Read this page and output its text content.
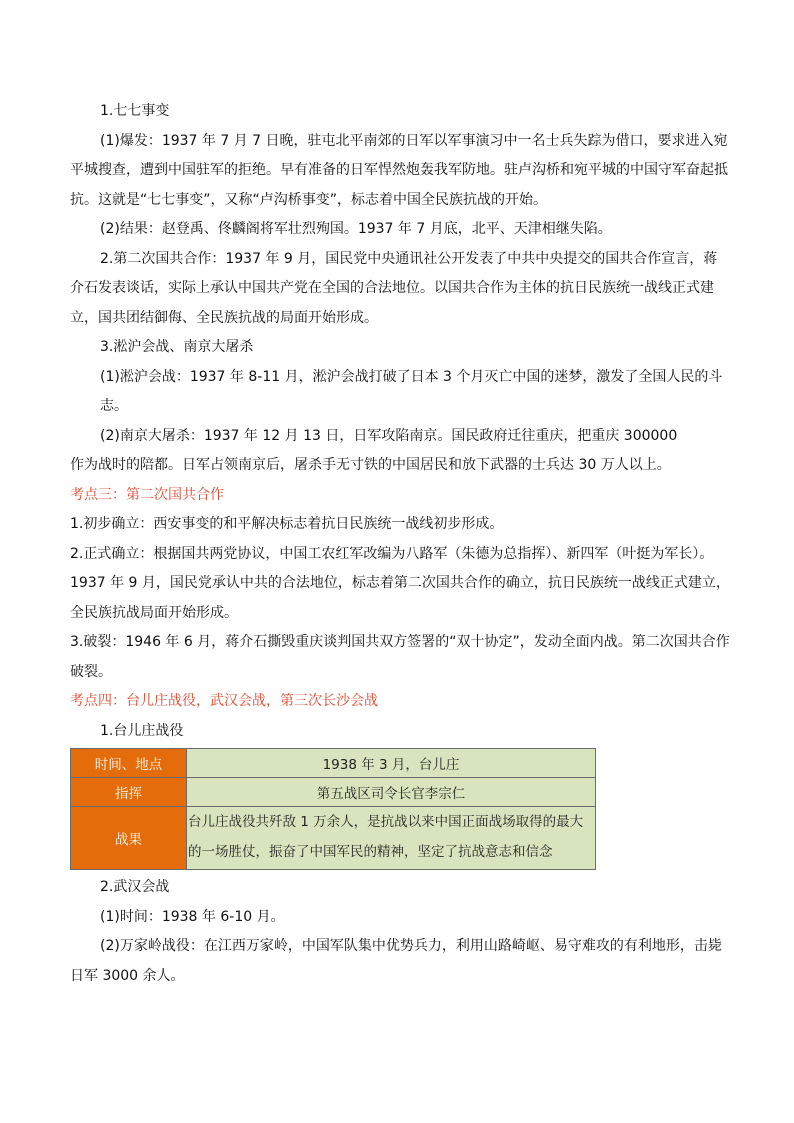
1.七七事变

(1)爆发：1937 年 7 月 7 日晚，驻屯北平南郊的日军以军事演习中一名士兵失踪为借口，要求进入宛平城搜查，遭到中国驻军的拒绝。早有准备的日军悍然炮轰我军防地。驻卢沟桥和宛平城的中国守军奋起抵抗。这就是“七七事变”，又称“卢沟桥事变”，标志着中国全民族抗战的开始。

(2)结果：赵登禹、佟麟阁将军壮烈殉国。1937 年 7 月底，北平、天津相继失陷。

2.第二次国共合作：1937 年 9 月，国民党中央通讯社公开发表了中共中央提交的国共合作宣言，蒋介石发表谈话，实际上承认中国共产党在全国的合法地位。以国共合作为主体的抗日民族统一战线正式建立，国共团结御侮、全民族抗战的局面开始形成。

3.淞沪会战、南京大屠杀

(1)淞沪会战：1937 年 8-11 月，淞沪会战打破了日本 3 个月灭亡中国的迷梦，激发了全国人民的斗志。

(2)南京大屠杀：1937 年 12 月 13 日，日军攻陷南京。国民政府迁往重庆，把重庆 300000

作为战时的陪都。日军占领南京后，屠杀手无寸铁的中国居民和放下武器的士兵达 30 万人以上。

考点三：第二次国共合作

1.初步确立：西安事变的和平解决标志着抗日民族统一战线初步形成。

2.正式确立：根据国共两党协议，中国工农红军改编为八路军（朱德为总指挥）、新四军（叶挺为军长）。1937 年 9 月，国民党承认中共的合法地位，标志着第二次国共合作的确立，抗日民族统一战线正式建立，全民族抗战局面开始形成。

3.破裂：1946 年 6 月，蒋介石撕毁重庆谈判国共双方签署的“双十协定”，发动全面内战。第二次国共合作破裂。

考点四：台儿庄战役，武汉会战，第三次长沙会战

1.台儿庄战役

时间、地点	1938 年 3 月，台儿庄
指挥	第五战区司令长官李宗仁
战果	台儿庄战役共歼敌 1 万余人，是抗战以来中国正面战场取得的最大的一场胜仗，振奋了中国军民的精神，坚定了抗战意志和信念

2.武汉会战

(1)时间：1938 年 6-10 月。

(2)万家岭战役：在江西万家岭，中国军队集中优势兵力，利用山路崎岖、易守难攻的有利地形，击毙日军 3000 余人。
